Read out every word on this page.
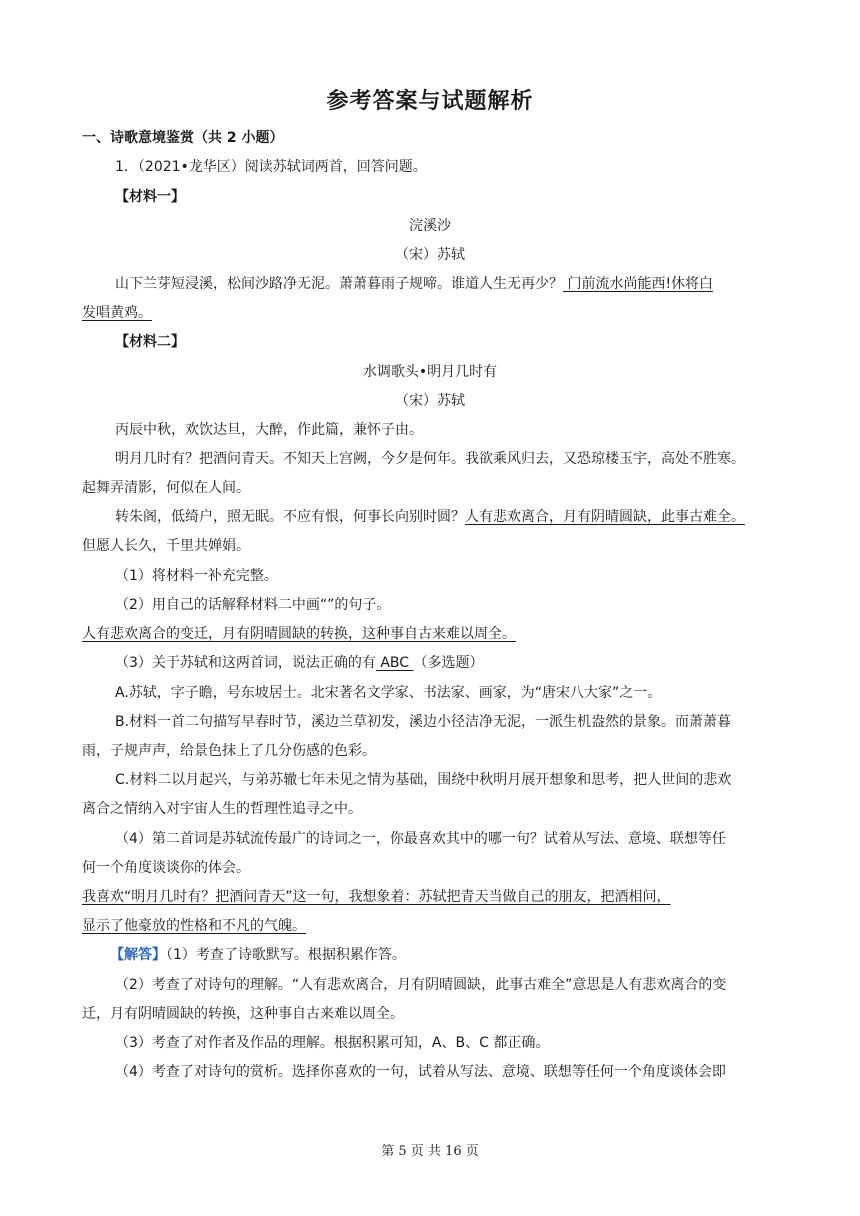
参考答案与试题解析
一、诗歌意境鉴赏（共 2 小题）
1．（2021•龙华区）阅读苏轼词两首，回答问题。
【材料一】
浣溪沙
（宋）苏轼
山下兰芽短浸溪，松间沙路净无泥。萧萧暮雨子规啼。谁道人生无再少？ 门前流水尚能西!休将白
发唱黄鸡。
【材料二】
水调歌头•明月几时有
（宋）苏轼
丙辰中秋，欢饮达旦，大醉，作此篇，兼怀子由。
明月几时有？把酒问青天。不知天上宫阙，今夕是何年。我欲乘风归去，又恐琼楼玉宇，高处不胜寒。
起舞弄清影，何似在人间。
转朱阁，低绮户，照无眠。不应有恨，何事长向别时圆？人有悲欢离合，月有阴晴圆缺，此事古难全。
但愿人长久，千里共婵娟。
（1）将材料一补充完整。
（2）用自己的话解释材料二中画“”的句子。
人有悲欢离合的变迁，月有阴晴圆缺的转换，这种事自古来难以周全。
（3）关于苏轼和这两首词，说法正确的有 ABC （多选题）
A.苏轼，字子瞻，号东坡居士。北宋著名文学家、书法家、画家，为“唐宋八大家”之一。
B.材料一首二句描写早春时节，溪边兰草初发，溪边小径洁净无泥，一派生机盎然的景象。而萧萧暮
雨，子规声声，给景色抹上了几分伤感的色彩。
C.材料二以月起兴，与弟苏辙七年未见之情为基础，围绕中秋明月展开想象和思考，把人世间的悲欢
离合之情纳入对宇宙人生的哲理性追寻之中。
（4）第二首词是苏轼流传最广的诗词之一，你最喜欢其中的哪一句？试着从写法、意境、联想等任
何一个角度谈谈你的体会。
我喜欢“明月几时有？把酒问青天”这一句，我想象着：苏轼把青天当做自己的朋友，把酒相问，
显示了他豪放的性格和不凡的气魄。
【解答】（1）考查了诗歌默写。根据积累作答。
（2）考查了对诗句的理解。“人有悲欢离合，月有阴晴圆缺，此事古难全”意思是人有悲欢离合的变
迁，月有阴晴圆缺的转换，这种事自古来难以周全。
（3）考查了对作者及作品的理解。根据积累可知，A、B、C 都正确。
（4）考查了对诗句的赏析。选择你喜欢的一句，试着从写法、意境、联想等任何一个角度谈体会即
第 5 页 共 16 页
